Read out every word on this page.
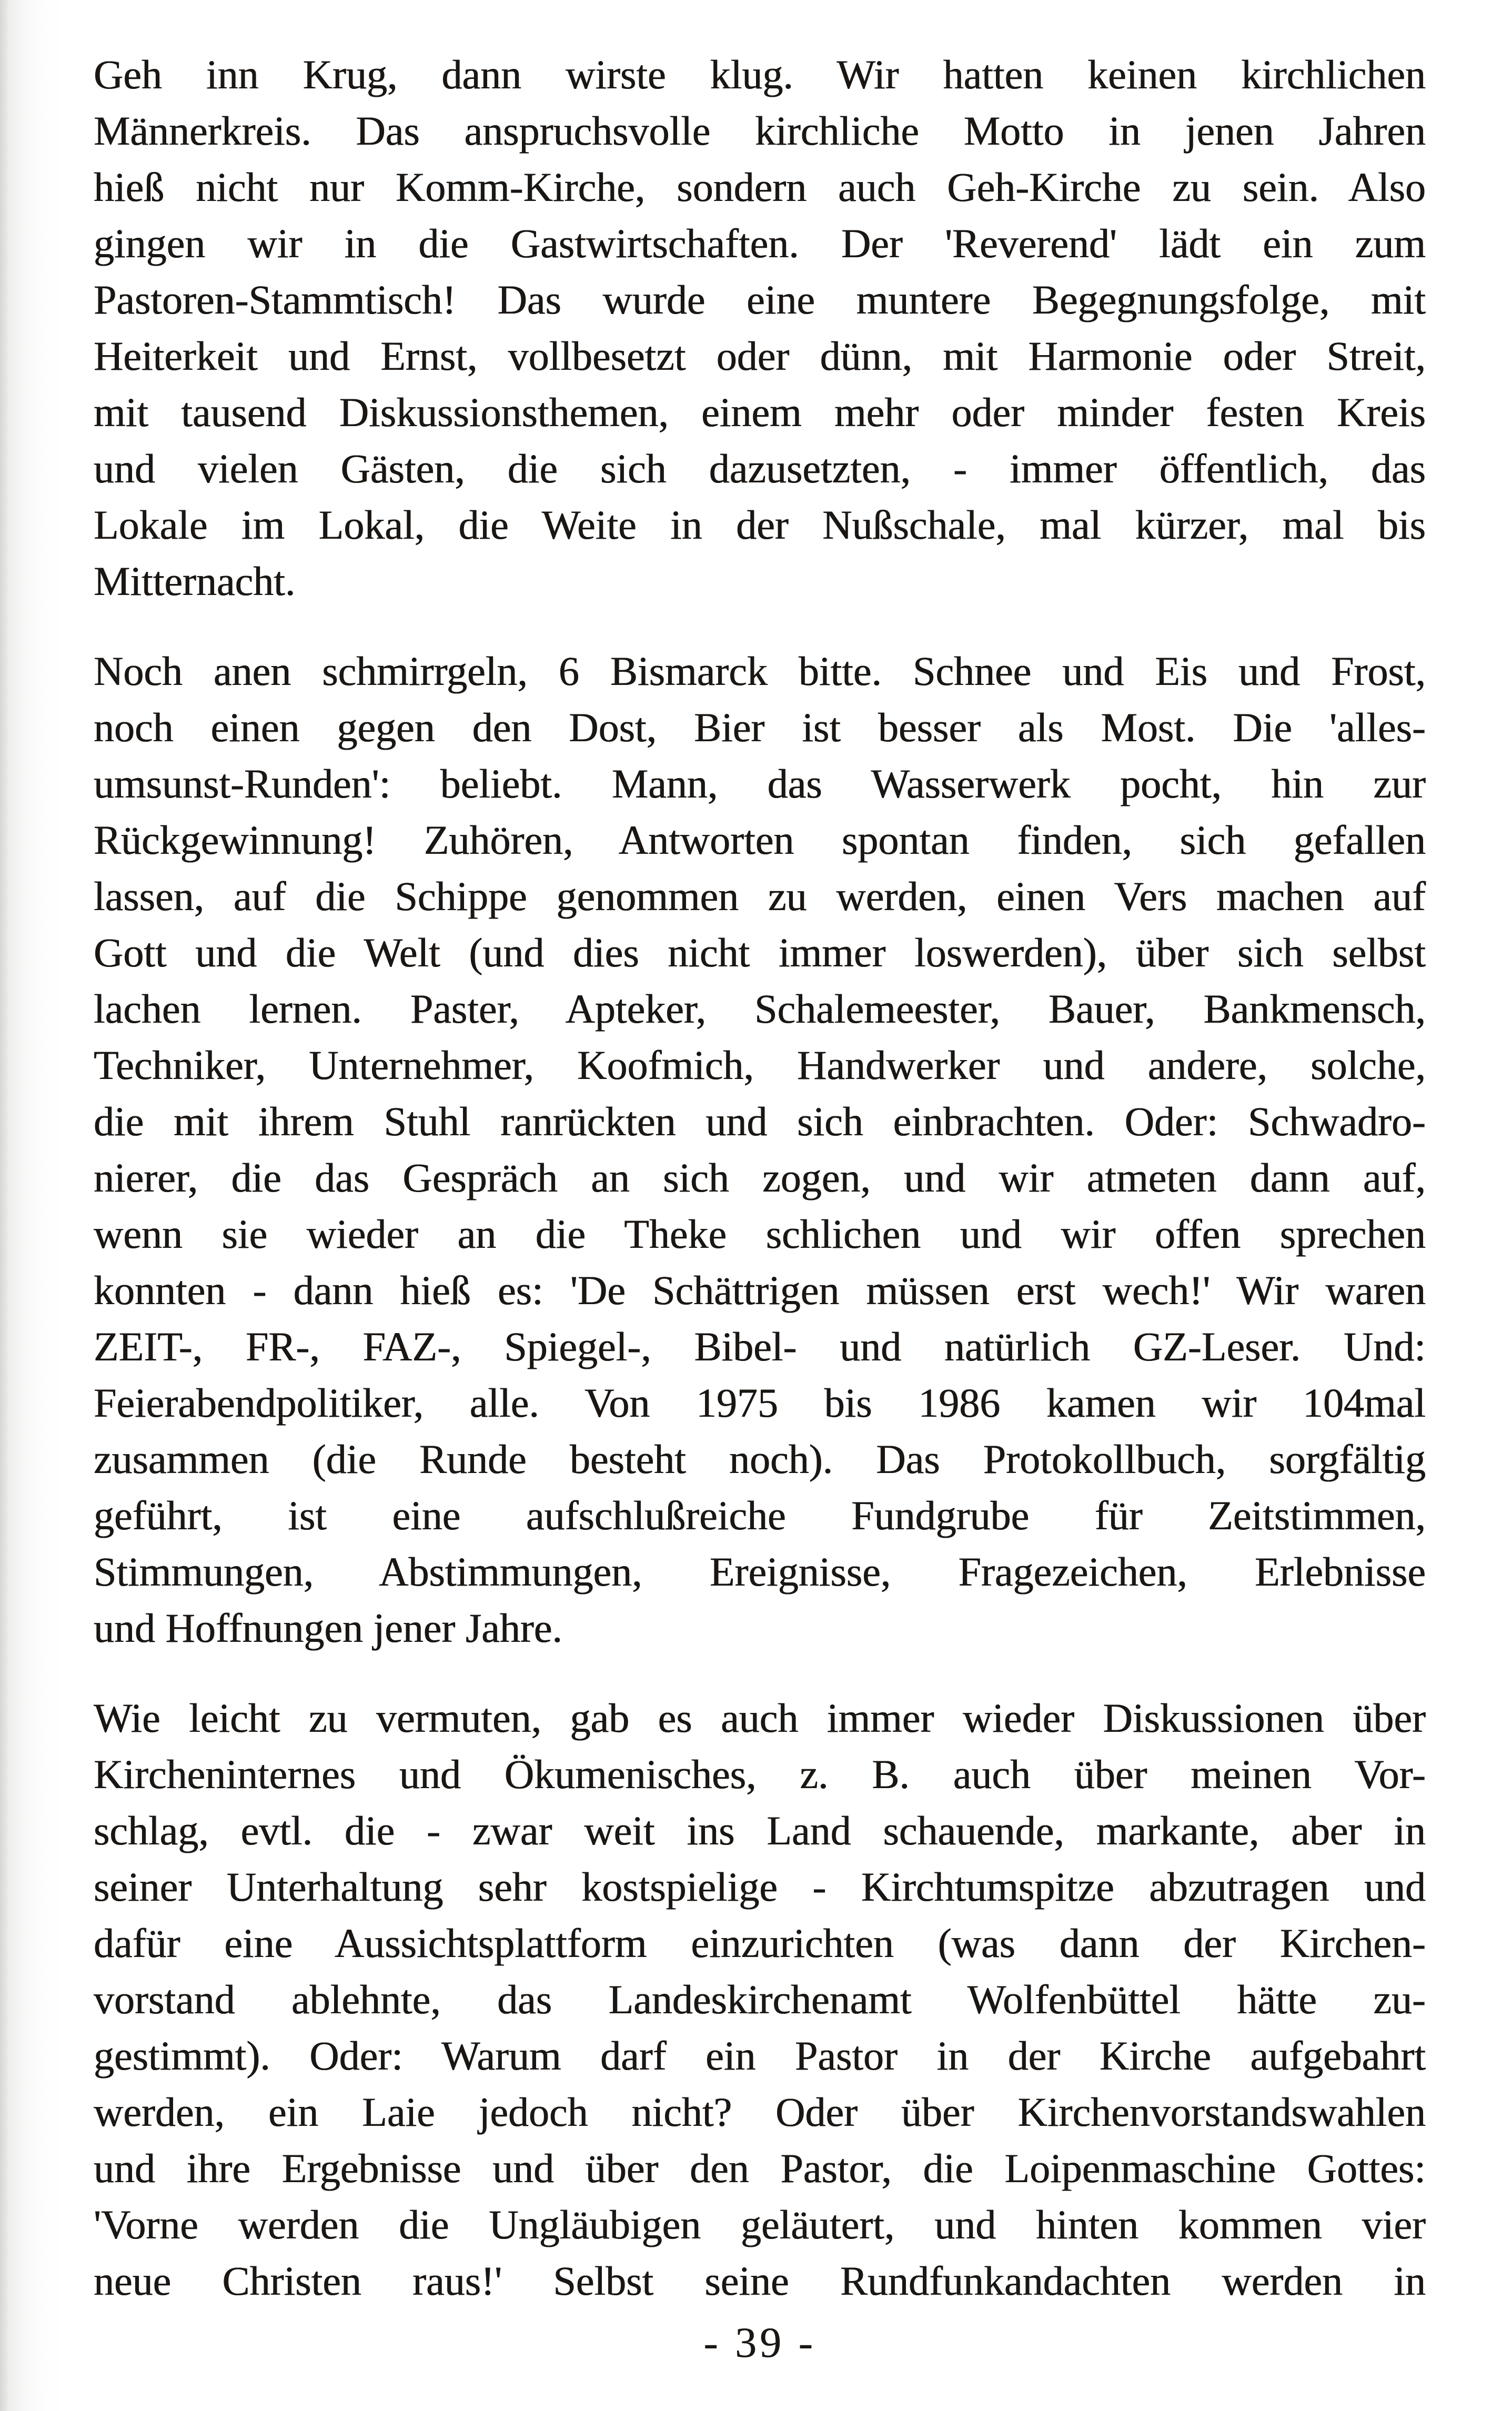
Geh inn Krug, dann wirste klug. Wir hatten keinen kirchlichen
Männerkreis. Das anspruchsvolle kirchliche Motto in jenen Jahren
hieß nicht nur Komm-Kirche, sondern auch Geh-Kirche zu sein. Also
gingen wir in die Gastwirtschaften. Der 'Reverend' lädt ein zum
Pastoren-Stammtisch! Das wurde eine muntere Begegnungsfolge, mit
Heiterkeit und Ernst, vollbesetzt oder dünn, mit Harmonie oder Streit,
mit tausend Diskussionsthemen, einem mehr oder minder festen Kreis
und vielen Gästen, die sich dazusetzten, - immer öffentlich, das
Lokale im Lokal, die Weite in der Nußschale, mal kürzer, mal bis
Mitternacht.
Noch anen schmirrgeln, 6 Bismarck bitte. Schnee und Eis und Frost,
noch einen gegen den Dost, Bier ist besser als Most. Die 'alles-
umsunst-Runden': beliebt. Mann, das Wasserwerk pocht, hin zur
Rückgewinnung! Zuhören, Antworten spontan finden, sich gefallen
lassen, auf die Schippe genommen zu werden, einen Vers machen auf
Gott und die Welt (und dies nicht immer loswerden), über sich selbst
lachen lernen. Paster, Apteker, Schalemeester, Bauer, Bankmensch,
Techniker, Unternehmer, Koofmich, Handwerker und andere, solche,
die mit ihrem Stuhl ranrückten und sich einbrachten. Oder: Schwadro-
nierer, die das Gespräch an sich zogen, und wir atmeten dann auf,
wenn sie wieder an die Theke schlichen und wir offen sprechen
konnten - dann hieß es: 'De Schättrigen müssen erst wech!' Wir waren
ZEIT-, FR-, FAZ-, Spiegel-, Bibel- und natürlich GZ-Leser. Und:
Feierabendpolitiker, alle. Von 1975 bis 1986 kamen wir 104mal
zusammen (die Runde besteht noch). Das Protokollbuch, sorgfältig
geführt, ist eine aufschlußreiche Fundgrube für Zeitstimmen,
Stimmungen, Abstimmungen, Ereignisse, Fragezeichen, Erlebnisse
und Hoffnungen jener Jahre.
Wie leicht zu vermuten, gab es auch immer wieder Diskussionen über
Kircheninternes und Ökumenisches, z. B. auch über meinen Vor-
schlag, evtl. die - zwar weit ins Land schauende, markante, aber in
seiner Unterhaltung sehr kostspielige - Kirchtumspitze abzutragen und
dafür eine Aussichtsplattform einzurichten (was dann der Kirchen-
vorstand ablehnte, das Landeskirchenamt Wolfenbüttel hätte zu-
gestimmt). Oder: Warum darf ein Pastor in der Kirche aufgebahrt
werden, ein Laie jedoch nicht? Oder über Kirchenvorstandswahlen
und ihre Ergebnisse und über den Pastor, die Loipenmaschine Gottes:
'Vorne werden die Ungläubigen geläutert, und hinten kommen vier
neue Christen raus!' Selbst seine Rundfunkandachten werden in
- 39 -
